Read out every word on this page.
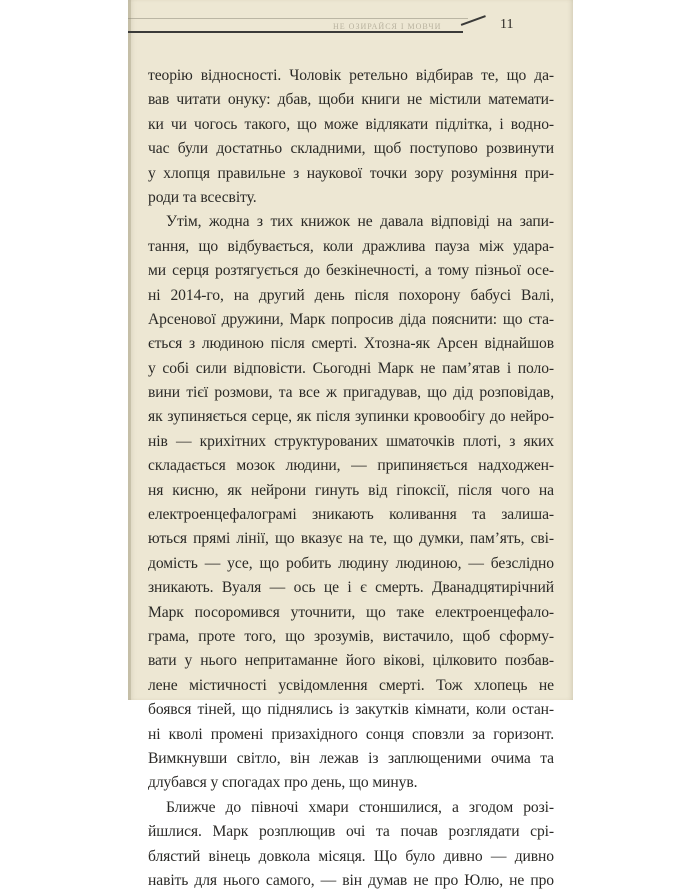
НЕ ОЗИРАЙСЯ І МОВЧИ	11
теорію відносності. Чоловік ретельно відбирав те, що да-
вав читати онуку: дбав, щоби книги не містили математи-
ки чи чогось такого, що може відлякати підлітка, і водно-
час були достатньо складними, щоб поступово розвинути
у хлопця правильне з наукової точки зору розуміння при-
роди та всесвіту.
Утім, жодна з тих книжок не давала відповіді на запи-
тання, що відбувається, коли дражлива пауза між удара-
ми серця розтягується до безкінечності, а тому пізньої осе-
ні 2014-го, на другий день після похорону бабусі Валі,
Арсенової дружини, Марк попросив діда пояснити: що ста-
ється з людиною після смерті. Хтозна-як Арсен віднайшов
у собі сили відповісти. Сьогодні Марк не пам’ятав і поло-
вини тієї розмови, та все ж пригадував, що дід розповідав,
як зупиняється серце, як після зупинки кровообігу до нейро-
нів — крихітних структурованих шматочків плоті, з яких
складається мозок людини, — припиняється надходжен-
ня кисню, як нейрони гинуть від гіпоксії, після чого на
електроенцефалограмі зникають коливання та залиша-
ються прямі лінії, що вказує на те, що думки, пам’ять, сві-
домість — усе, що робить людину людиною, — безслідно
зникають. Вуаля — ось це і є смерть. Дванадцятирічний
Марк посоромився уточнити, що таке електроенцефало-
грама, проте того, що зрозумів, вистачило, щоб сформу-
вати у нього непритаманне його вікові, цілковито позбав-
лене містичності усвідомлення смерті. Тож хлопець не
боявся тіней, що піднялись із закутків кімнати, коли остан-
ні кволі промені призахідного сонця сповзли за горизонт.
Вимкнувши світло, він лежав із заплющеними очима та
длубався у спогадах про день, що минув.
Ближче до півночі хмари стоншилися, а згодом розі-
йшлися. Марк розплющив очі та почав розглядати срі-
блястий вінець довкола місяця. Що було дивно — дивно
навіть для нього самого, — він думав не про Юлю, не про
